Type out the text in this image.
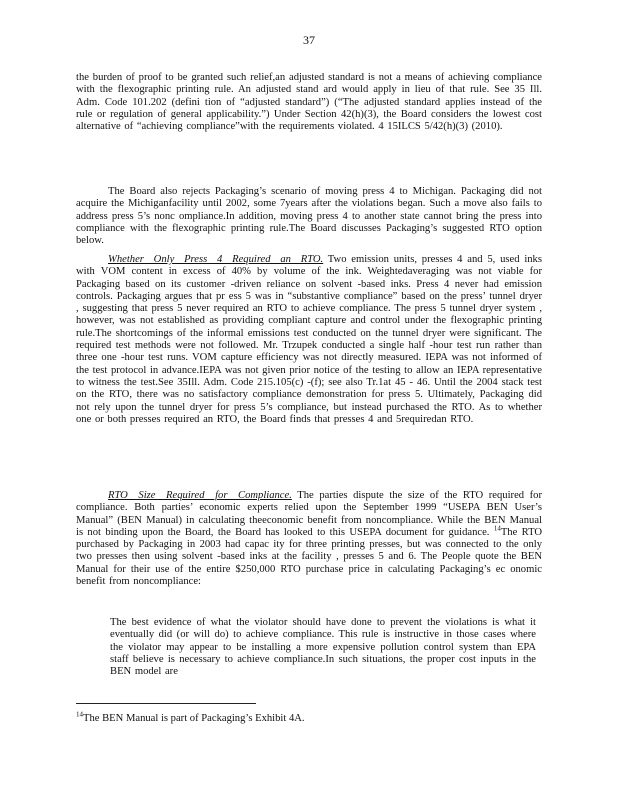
37

the burden of proof to be granted such relief,an adjusted standard is not a means of achieving compliance with the flexographic printing rule. An adjusted stand ard would apply in lieu of that rule. See 35 Ill. Adm. Code 101.202 (defini tion of “adjusted standard”) (“The adjusted standard applies instead of the rule or regulation of general applicability.”) Under Section 42(h)(3), the Board considers the lowest cost alternative of “achieving compliance”with the requirements violated. 4 15ILCS 5/42(h)(3) (2010).

The Board also rejects Packaging’s scenario of moving press 4 to Michigan. Packaging did not acquire the Michiganfacility until 2002, some 7years after the violations began. Such a move also fails to address press 5’s nonc ompliance.In addition, moving press 4 to another state cannot bring the press into compliance with the flexographic printing rule.The Board discusses Packaging’s suggested RTO option below.

Whether Only Press 4 Required an RTO. Two emission units, presses 4 and 5, used inks with VOM content in excess of 40% by volume of the ink. Weightedaveraging was not viable for Packaging based on its customer -driven reliance on solvent -based inks. Press 4 never had emission controls. Packaging argues that pr ess 5 was in “substantive compliance” based on the press’ tunnel dryer , suggesting that press 5 never required an RTO to achieve compliance. The press 5 tunnel dryer system , however, was not established as providing compliant capture and control under the flexographic printing rule.The shortcomings of the informal emissions test conducted on the tunnel dryer were significant. The required test methods were not followed. Mr. Trzupek conducted a single half -hour test run rather than three one -hour test runs. VOM capture efficiency was not directly measured. IEPA was not informed of the test protocol in advance.IEPA was not given prior notice of the testing to allow an IEPA representative to witness the test.See 35Ill. Adm. Code 215.105(c) -(f); see also Tr.1at 45 - 46. Until the 2004 stack test on the RTO, there was no satisfactory compliance demonstration for press 5. Ultimately, Packaging did not rely upon the tunnel dryer for press 5’s compliance, but instead purchased the RTO. As to whether one or both presses required an RTO, the Board finds that presses 4 and 5requiredan RTO.

RTO Size Required for Compliance. The parties dispute the size of the RTO required for compliance. Both parties’ economic experts relied upon the September 1999 “USEPA BEN User’s Manual” (BEN Manual) in calculating theeconomic benefit from noncompliance. While the BEN Manual is not binding upon the Board, the Board has looked to this USEPA document for guidance. $^{14}$The RTO purchased by Packaging in 2003 had capac ity for three printing presses, but was connected to the only two presses then using solvent -based inks at the facility , presses 5 and 6. The People quote the BEN Manual for their use of the entire $250,000 RTO purchase price in calculating Packaging’s ec onomic benefit from noncompliance:

The best evidence of what the violator should have done to prevent the violations is what it eventually did (or will do) to achieve compliance. This rule is instructive in those cases where the violator may appear to be installing a more expensive pollution control system than EPA staff believe is necessary to achieve compliance.In such situations, the proper cost inputs in the BEN model are

$^{14}$The BEN Manual is part of Packaging’s Exhibit 4A.
